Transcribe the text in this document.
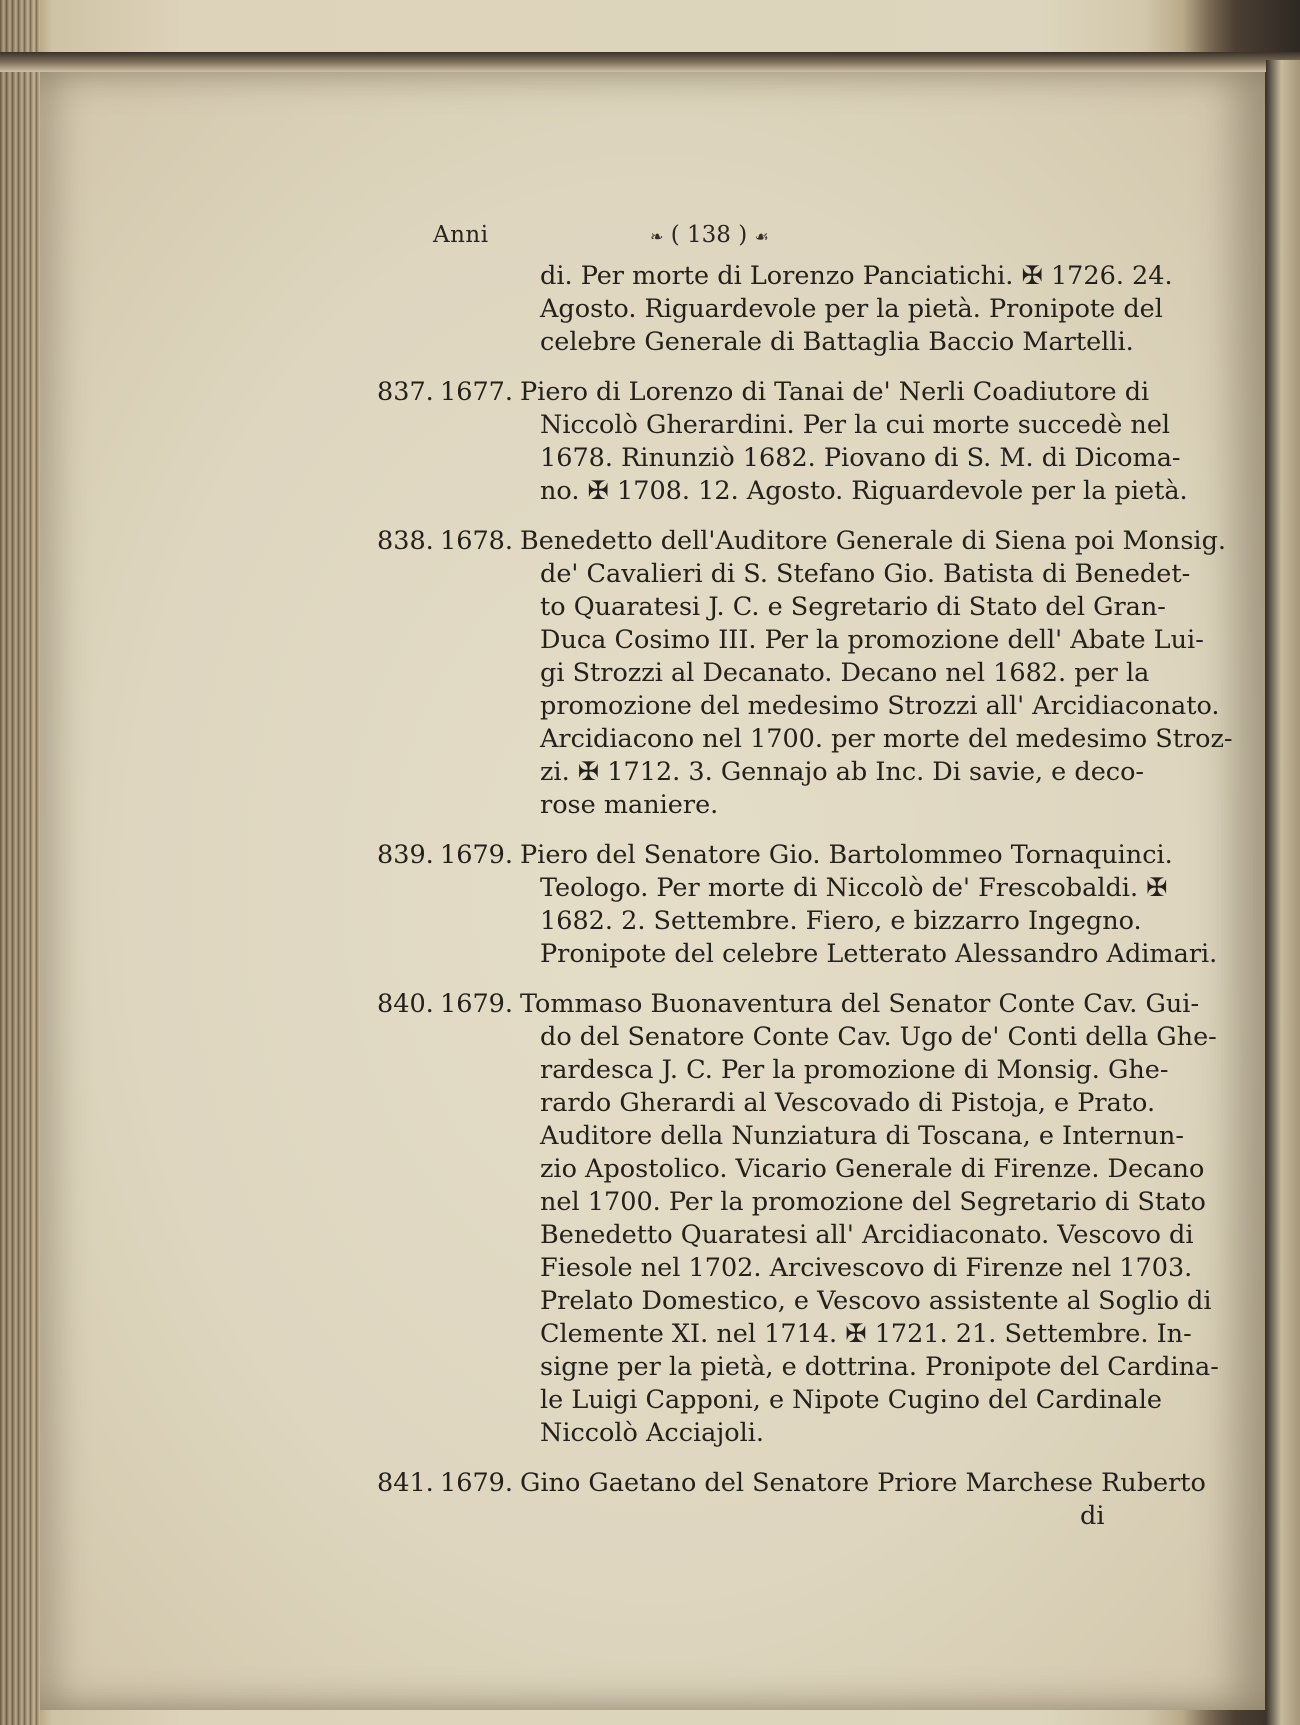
Anni	❧ ( 138 ) ☙
di. Per morte di Lorenzo Panciatichi. ✠ 1726. 24.
Agosto. Riguardevole per la pietà. Pronipote del
celebre Generale di Battaglia Baccio Martelli.
837. 1677. Piero di Lorenzo di Tanai de' Nerli Coadiutore di
Niccolò Gherardini. Per la cui morte succedè nel
1678. Rinunziò 1682. Piovano di S. M. di Dicoma-
no. ✠ 1708. 12. Agosto. Riguardevole per la pietà.
838. 1678. Benedetto dell'Auditore Generale di Siena poi Monsig.
de' Cavalieri di S. Stefano Gio. Batista di Benedet-
to Quaratesi J. C. e Segretario di Stato del Gran-
Duca Cosimo III. Per la promozione dell' Abate Lui-
gi Strozzi al Decanato. Decano nel 1682. per la
promozione del medesimo Strozzi all' Arcidiaconato.
Arcidiacono nel 1700. per morte del medesimo Stroz-
zi. ✠ 1712. 3. Gennajo ab Inc. Di savie, e deco-
rose maniere.
839. 1679. Piero del Senatore Gio. Bartolommeo Tornaquinci.
Teologo. Per morte di Niccolò de' Frescobaldi. ✠
1682. 2. Settembre. Fiero, e bizzarro Ingegno.
Pronipote del celebre Letterato Alessandro Adimari.
840. 1679. Tommaso Buonaventura del Senator Conte Cav. Gui-
do del Senatore Conte Cav. Ugo de' Conti della Ghe-
rardesca J. C. Per la promozione di Monsig. Ghe-
rardo Gherardi al Vescovado di Pistoja, e Prato.
Auditore della Nunziatura di Toscana, e Internun-
zio Apostolico. Vicario Generale di Firenze. Decano
nel 1700. Per la promozione del Segretario di Stato
Benedetto Quaratesi all' Arcidiaconato. Vescovo di
Fiesole nel 1702. Arcivescovo di Firenze nel 1703.
Prelato Domestico, e Vescovo assistente al Soglio di
Clemente XI. nel 1714. ✠ 1721. 21. Settembre. In-
signe per la pietà, e dottrina. Pronipote del Cardina-
le Luigi Capponi, e Nipote Cugino del Cardinale
Niccolò Acciajoli.
841. 1679. Gino Gaetano del Senatore Priore Marchese Ruberto
di
